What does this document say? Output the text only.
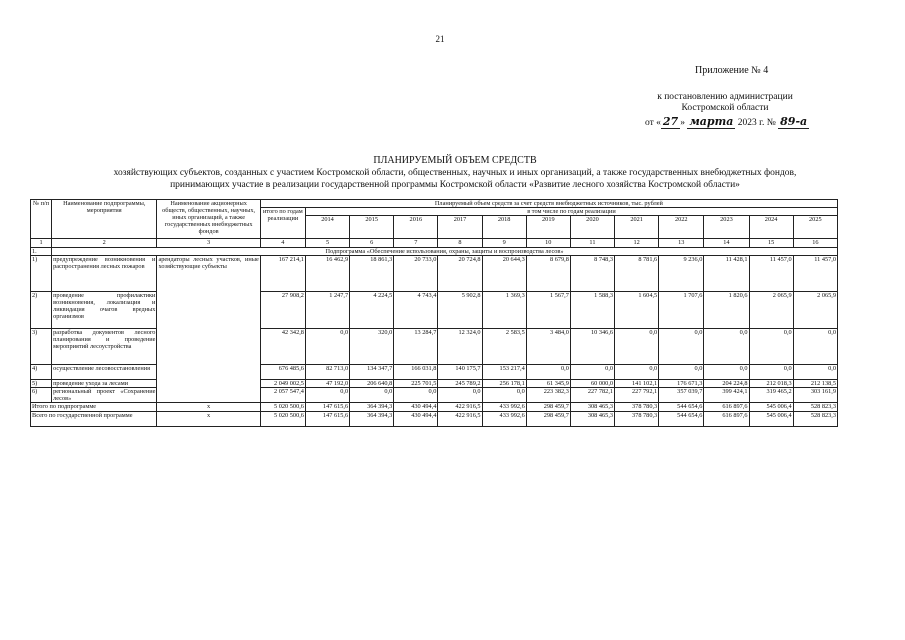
21
Приложение № 4
к постановлению администрации
Костромской области
от « 27 » марта 2023 г. № 89-а
ПЛАНИРУЕМЫЙ ОБЪЕМ СРЕДСТВ
хозяйствующих субъектов, созданных с участием Костромской области, общественных, научных и иных организаций, а также государственных внебюджетных фондов,
принимающих участие в реализации государственной программы Костромской области «Развитие лесного хозяйства Костромской области»
№ п/п	Наименование подпрограммы, мероприятия	Наименование акционерных обществ, общественных, научных, иных организаций, а также государственных внебюджетных фондов	Планируемый объем средств за счет средств внебюджетных источников, тыс. рублей												
			итого по годам реализации	в том числе по годам реализации											
				2014	2015	2016	2017	2018	2019	2020	2021	2022	2023	2024	2025
1	2	3	4	5	6	7	8	9	10	11	12	13	14	15	16
1.	Подпрограмма «Обеспечение использования, охраны, защиты и воспроизводства лесов»														
1)	предупреждение возникновения и распространения лесных пожаров	арендаторы лесных участков, иные хозяйствующие субъекты	167 214,1	16 462,9	18 861,3	20 733,0	20 724,8	20 644,3	8 679,8	8 748,3	8 781,6	9 236,0	11 428,1	11 457,0	11 457,0
2)	проведение профилактики возникновения, локализация и ликвидация очагов вредных организмов		27 908,2	1 247,7	4 224,5	4 743,4	5 902,8	1 369,3	1 567,7	1 588,3	1 604,5	1 707,6	1 820,6	2 065,9	2 065,9
3)	разработка документов лесного планирования и проведение мероприятий лесоустройства		42 342,8	0,0	320,0	13 284,7	12 324,0	2 583,5	3 484,0	10 346,6	0,0	0,0	0,0	0,0	0,0
4)	осуществление лесовосстановления		676 485,6	82 713,0	134 347,7	166 031,8	140 175,7	153 217,4	0,0	0,0	0,0	0,0	0,0	0,0	0,0
5)	проведение ухода за лесами		2 049 002,5	47 192,0	206 640,8	225 701,5	245 789,2	256 178,1	61 345,9	60 000,0	141 102,1	176 671,3	204 224,8	212 018,3	212 138,5
6)	региональный проект «Сохранение лесов»		2 057 547,4	0,0	0,0	0,0	0,0	0,0	223 382,3	227 782,1	227 792,1	357 039,7	399 424,1	319 465,2	303 161,9
Итого по подпрограмме		x	5 020 500,6	147 615,6	364 394,3	430 494,4	422 916,5	433 992,6	298 459,7	308 465,3	378 780,3	544 654,6	616 897,6	545 006,4	528 823,3
Всего по государственной программе		x	5 020 500,6	147 615,6	364 394,3	430 494,4	422 916,5	433 992,6	298 459,7	308 465,3	378 780,3	544 654,6	616 897,6	545 006,4	528 823,3
